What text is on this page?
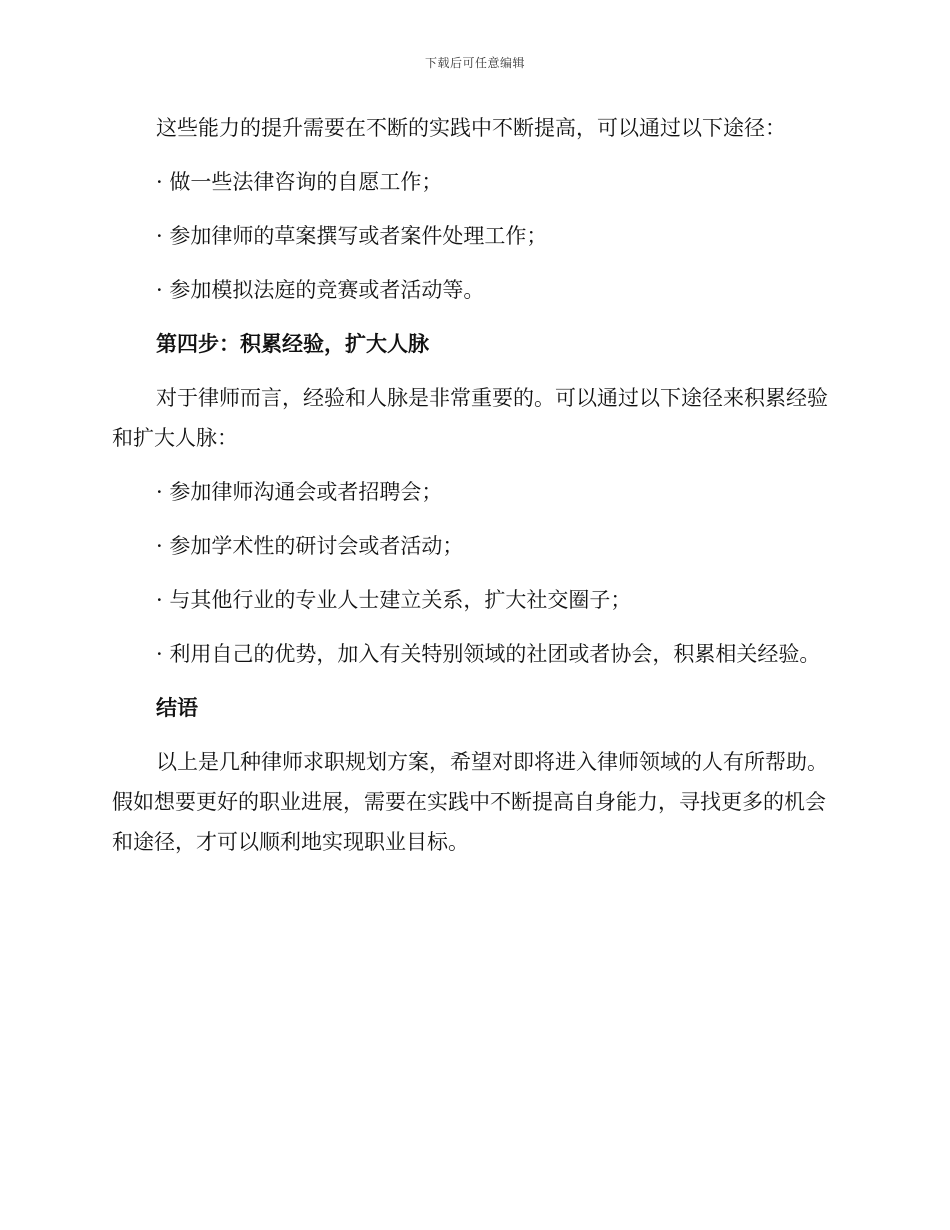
下载后可任意编辑

这些能力的提升需要在不断的实践中不断提高，可以通过以下途径：

· 做一些法律咨询的自愿工作；

· 参加律师的草案撰写或者案件处理工作；

· 参加模拟法庭的竞赛或者活动等。

第四步：积累经验，扩大人脉

对于律师而言，经验和人脉是非常重要的。可以通过以下途径来积累经验和扩大人脉：

· 参加律师沟通会或者招聘会；

· 参加学术性的研讨会或者活动；

· 与其他行业的专业人士建立关系，扩大社交圈子；

· 利用自己的优势，加入有关特别领域的社团或者协会，积累相关经验。

结语

以上是几种律师求职规划方案，希望对即将进入律师领域的人有所帮助。假如想要更好的职业进展，需要在实践中不断提高自身能力，寻找更多的机会和途径，才可以顺利地实现职业目标。
